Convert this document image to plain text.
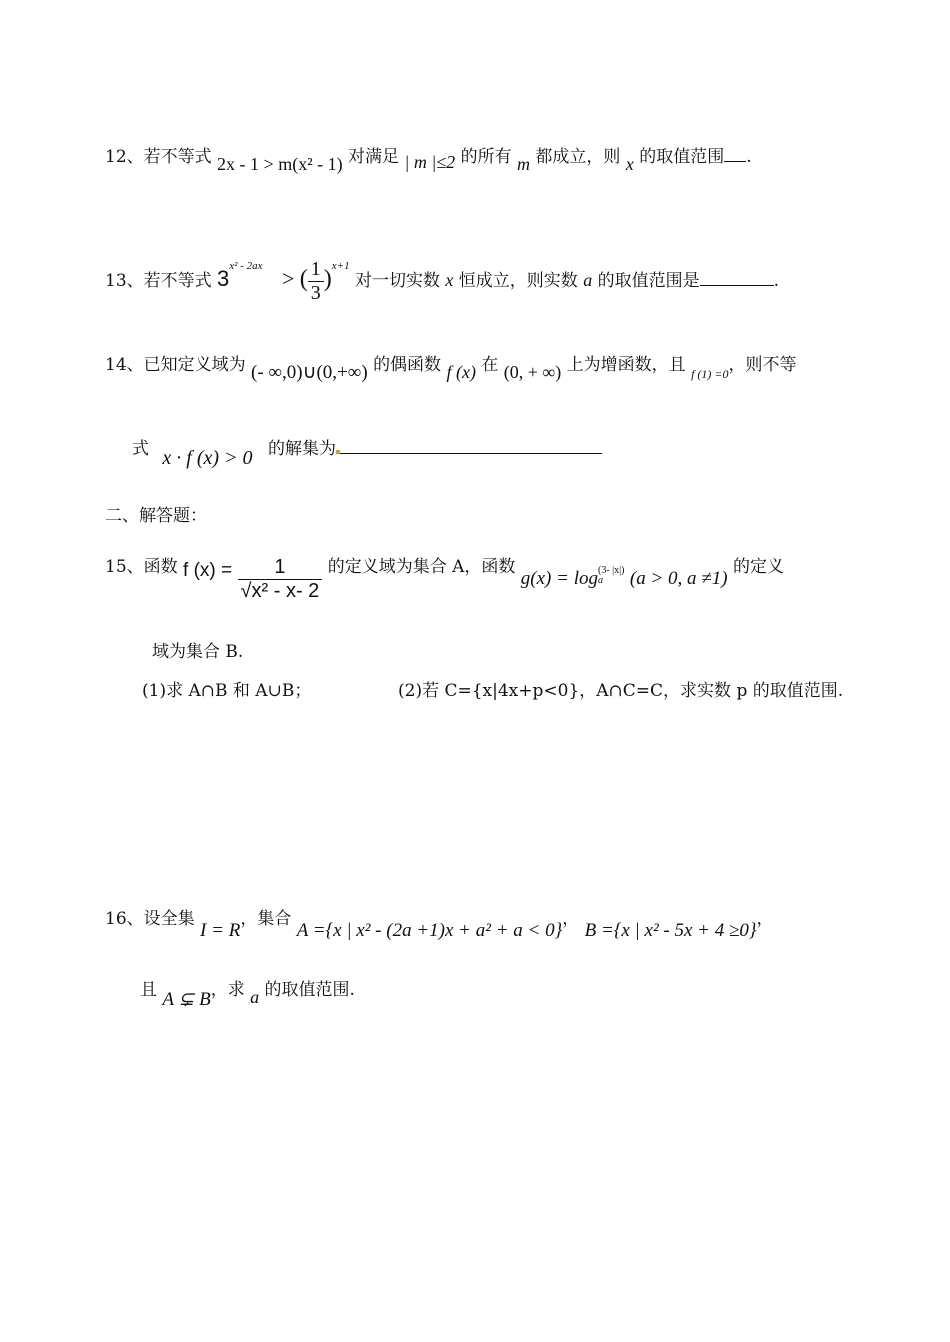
12、若不等式 2x - 1 > m(x² - 1) 对满足 | m |≤2 的所有 m 都成立，则 x 的取值范围 .
13、若不等式 $3^{x^2 - 2ax}$ > ( $\frac{1}{3} )^{x+1}$ 对一切实数 x 恒成立，则实数 a 的取值范围是	.
14、已知定义域为 (- ∞,0)∪(0,+∞) 的偶函数 f (x) 在 (0, + ∞) 上为增函数，且 $_{f (1) =0}$，则不等
式 x · f (x) > 0 的解集为
二、解答题：
15、函数 f $(x) = \frac{1}{\text{√x² - x- 2}}$ 的定义域为集合 A，函数 g(x) = log (3- |x|)
a	(a > 0, a ≠1) 的定义
域为集合 B.
(1)求 A∩B 和 A∪B；	(2)若 C={x|4x+p<0}，A∩C=C，求实数 p 的取值范围.
16、设全集 I = R，集合 A ={x | x² - (2a +1)x + a² + a < 0}， B ={x | x² - 5x + 4 ≥0}，
且 A ⊊ B，求 a 的取值范围.
